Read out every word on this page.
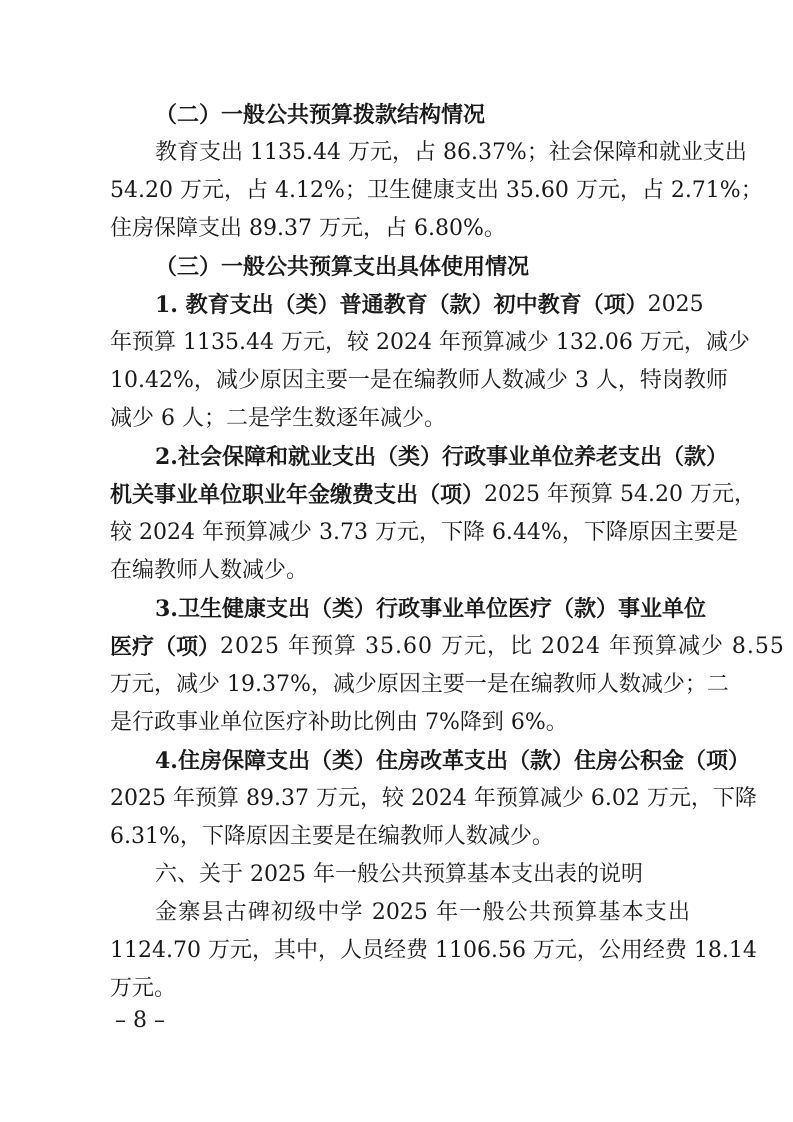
（二）一般公共预算拨款结构情况
教育支出 1135.44 万元，占 86.37%；社会保障和就业支出
54.20 万元，占 4.12%；卫生健康支出 35.60 万元，占 2.71%；
住房保障支出 89.37 万元，占 6.80%。
（三）一般公共预算支出具体使用情况
1. 教育支出（类）普通教育（款）初中教育（项） 2025
年预算 1135.44 万元，较 2024 年预算减少 132.06 万元，减少
10.42%，减少原因主要一是在编教师人数减少 3 人，特岗教师
减少 6 人；二是学生数逐年减少。
2.社会保障和就业支出（类）行政事业单位养老支出（款）
机关事业单位职业年金缴费支出（项） 2025 年预算 54.20 万元，
较 2024 年预算减少 3.73 万元，下降 6.44%，下降原因主要是
在编教师人数减少。
3.卫生健康支出（类）行政事业单位医疗（款）事业单位
医疗（项） 2025 年预算 35.60 万元，比 2024 年预算减少 8.55
万元，减少 19.37%，减少原因主要一是在编教师人数减少；二
是行政事业单位医疗补助比例由 7%降到 6%。
4.住房保障支出（类）住房改革支出（款）住房公积金（项）
2025 年预算 89.37 万元，较 2024 年预算减少 6.02 万元，下降
6.31%，下降原因主要是在编教师人数减少。
六、关于 2025 年一般公共预算基本支出表的说明
金寨县古碑初级中学 2025 年一般公共预算基本支出
1124.70 万元，其中，人员经费 1106.56 万元，公用经费 18.14
万元。
– 8 –
